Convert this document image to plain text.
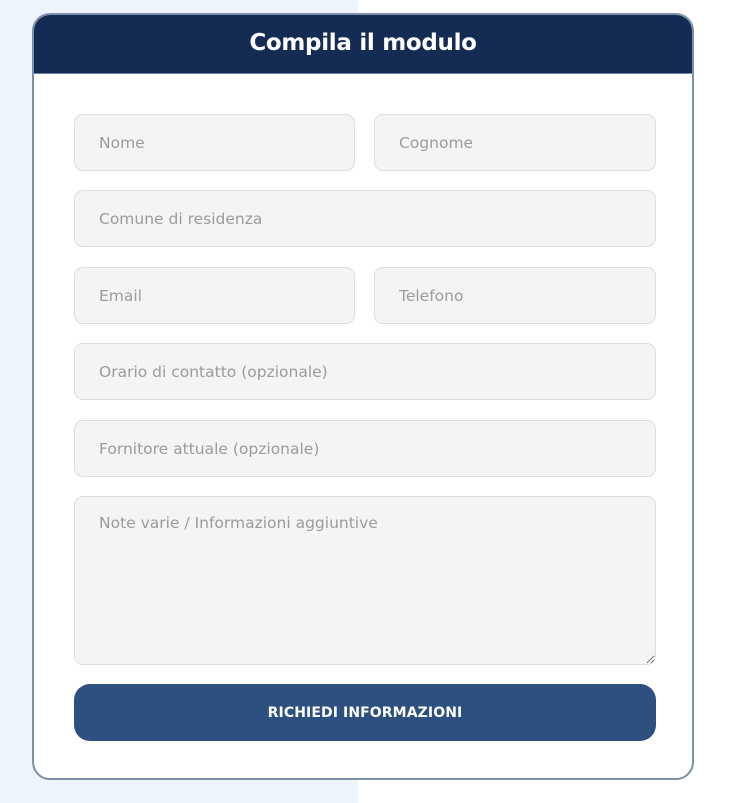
Compila il modulo
Nome
Cognome
Comune di residenza
Email
Telefono
Orario di contatto (opzionale)
Fornitore attuale (opzionale)
Note varie / Informazioni aggiuntive
RICHIEDI INFORMAZIONI
